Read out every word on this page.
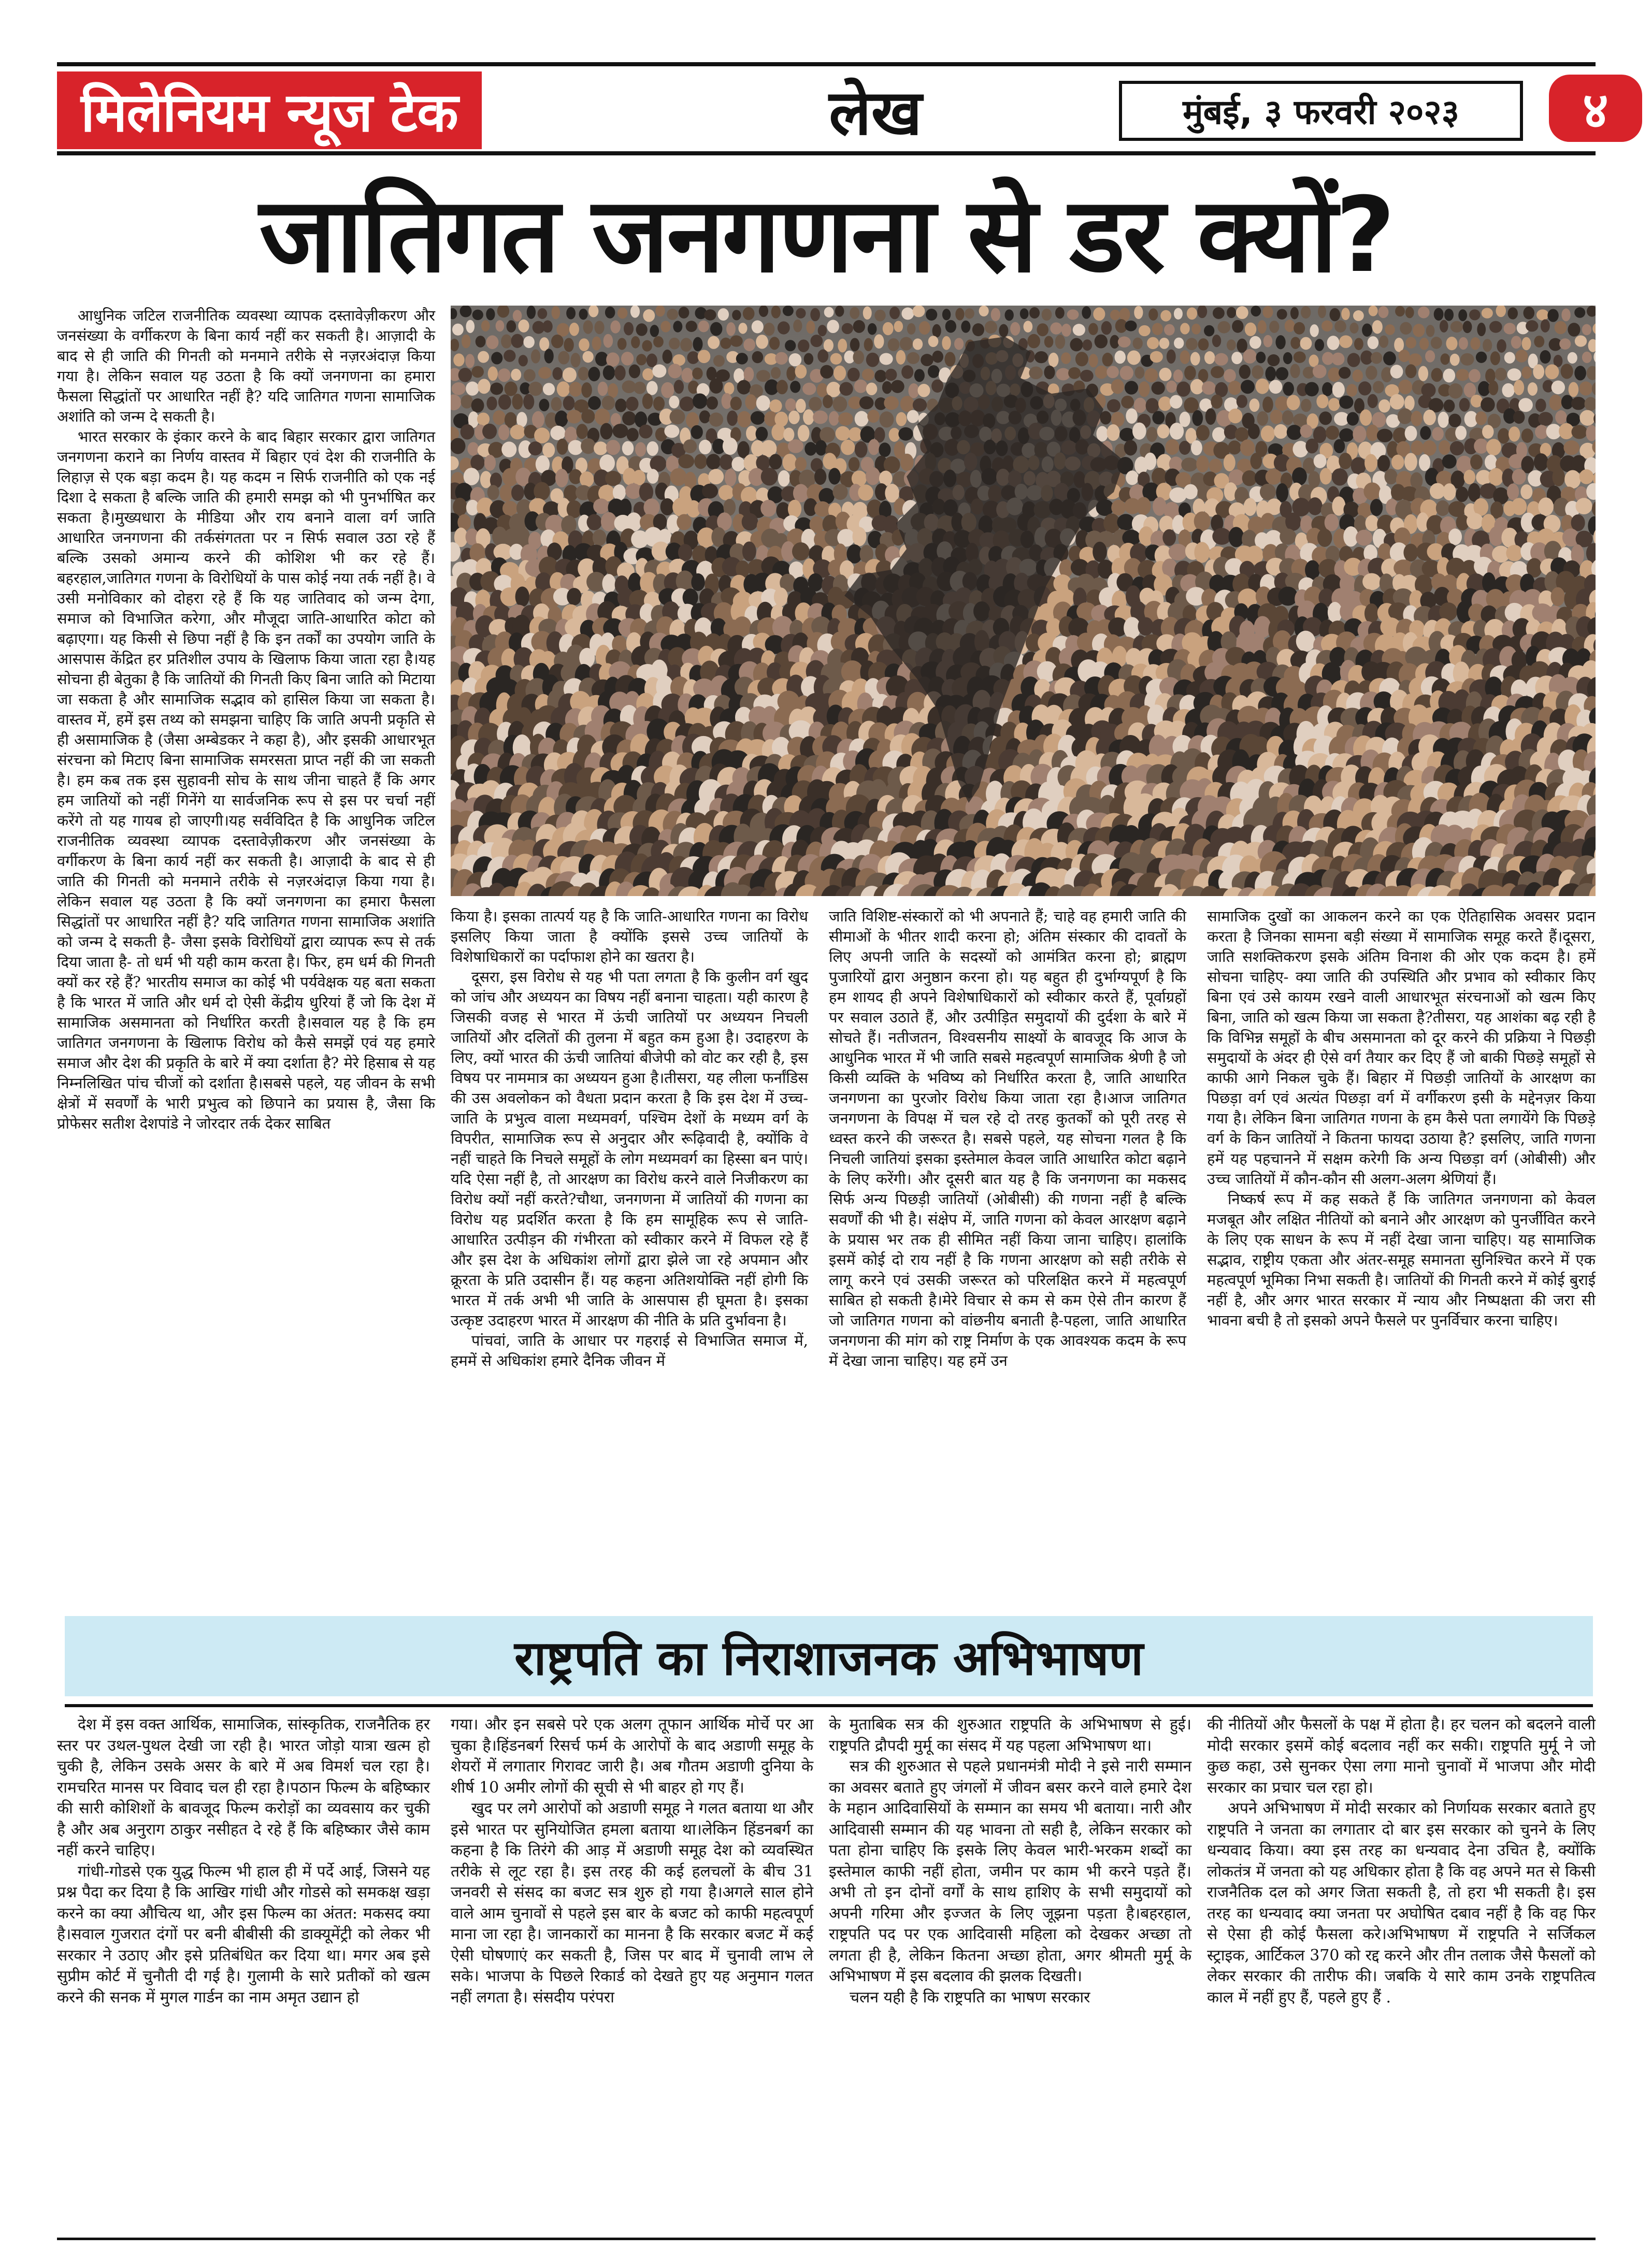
मिलेनियम न्यूज टेक	लेख	मुंबई, ३ फरवरी २०२३	४
जातिगत जनगणना से डर क्यों?

आधुनिक जटिल राजनीतिक व्यवस्था व्यापक दस्तावेज़ीकरण और जनसंख्या के वर्गीकरण के बिना कार्य नहीं कर सकती है। आज़ादी के बाद से ही जाति की गिनती को मनमाने तरीके से नज़रअंदाज़ किया गया है। लेकिन सवाल यह उठता है कि क्यों जनगणना का हमारा फैसला सिद्धांतों पर आधारित नहीं है? यदि जातिगत गणना सामाजिक अशांति को जन्म दे सकती है।

भारत सरकार के इंकार करने के बाद बिहार सरकार द्वारा जातिगत जनगणना कराने का निर्णय वास्तव में बिहार एवं देश की राजनीति के लिहाज़ से एक बड़ा कदम है। यह कदम न सिर्फ राजनीति को एक नई दिशा दे सकता है बल्कि जाति की हमारी समझ को भी पुनर्भाषित कर सकता है।मुख्यधारा के मीडिया और राय बनाने वाला वर्ग जाति आधारित जनगणना की तर्कसंगतता पर न सिर्फ सवाल उठा रहे हैं बल्कि उसको अमान्य करने की कोशिश भी कर रहे हैं। बहरहाल,जातिगत गणना के विरोधियों के पास कोई नया तर्क नहीं है। वे उसी मनोविकार को दोहरा रहे हैं कि यह जातिवाद को जन्म देगा, समाज को विभाजित करेगा, और मौजूदा जाति-आधारित कोटा को बढ़ाएगा। यह किसी से छिपा नहीं है कि इन तर्कों का उपयोग जाति के आसपास केंद्रित हर प्रतिशील उपाय के खिलाफ किया जाता रहा है।यह सोचना ही बेतुका है कि जातियों की गिनती किए बिना जाति को मिटाया जा सकता है और सामाजिक सद्भाव को हासिल किया जा सकता है। वास्तव में, हमें इस तथ्य को समझना चाहिए कि जाति अपनी प्रकृति से ही असामाजिक है (जैसा अम्बेडकर ने कहा है), और इसकी आधारभूत संरचना को मिटाए बिना सामाजिक समरसता प्राप्त नहीं की जा सकती है। हम कब तक इस सुहावनी सोच के साथ जीना चाहते हैं कि अगर हम जातियों को नहीं गिनेंगे या सार्वजनिक रूप से इस पर चर्चा नहीं करेंगे तो यह गायब हो जाएगी।यह सर्वविदित है कि आधुनिक जटिल राजनीतिक व्यवस्था व्यापक दस्तावेज़ीकरण और जनसंख्या के वर्गीकरण के बिना कार्य नहीं कर सकती है। आज़ादी के बाद से ही जाति की गिनती को मनमाने तरीके से नज़रअंदाज़ किया गया है। लेकिन सवाल यह उठता है कि क्यों जनगणना का हमारा फैसला सिद्धांतों पर आधारित नहीं है? यदि जातिगत गणना सामाजिक अशांति को जन्म दे सकती है- जैसा इसके विरोधियों द्वारा व्यापक रूप से तर्क दिया जाता है- तो धर्म भी यही काम करता है। फिर, हम धर्म की गिनती क्यों कर रहे हैं? भारतीय समाज का कोई भी पर्यवेक्षक यह बता सकता है कि भारत में जाति और धर्म दो ऐसी केंद्रीय धुरियां हैं जो कि देश में सामाजिक असमानता को निर्धारित करती है।सवाल यह है कि हम जातिगत जनगणना के खिलाफ विरोध को कैसे समझें एवं यह हमारे समाज और देश की प्रकृति के बारे में क्या दर्शाता है? मेरे हिसाब से यह निम्नलिखित पांच चीजों को दर्शाता है।सबसे पहले, यह जीवन के सभी क्षेत्रों में सवर्णों के भारी प्रभुत्व को छिपाने का प्रयास है, जैसा कि प्रोफेसर सतीश देशपांडे ने जोरदार तर्क देकर साबित

किया है। इसका तात्पर्य यह है कि जाति-आधारित गणना का विरोध इसलिए किया जाता है क्योंकि इससे उच्च जातियों के विशेषाधिकारों का पर्दाफाश होने का खतरा है।

दूसरा, इस विरोध से यह भी पता लगता है कि कुलीन वर्ग खुद को जांच और अध्ययन का विषय नहीं बनाना चाहता। यही कारण है जिसकी वजह से भारत में ऊंची जातियों पर अध्ययन निचली जातियों और दलितों की तुलना में बहुत कम हुआ है। उदाहरण के लिए, क्यों भारत की ऊंची जातियां बीजेपी को वोट कर रही है, इस विषय पर नाममात्र का अध्ययन हुआ है।तीसरा, यह लीला फर्नांडिस की उस अवलोकन को वैधता प्रदान करता है कि इस देश में उच्च-जाति के प्रभुत्व वाला मध्यमवर्ग, पश्चिम देशों के मध्यम वर्ग के विपरीत, सामाजिक रूप से अनुदार और रूढ़िवादी है, क्योंकि वे नहीं चाहते कि निचले समूहों के लोग मध्यमवर्ग का हिस्सा बन पाएं। यदि ऐसा नहीं है, तो आरक्षण का विरोध करने वाले निजीकरण का विरोध क्यों नहीं करते?चौथा, जनगणना में जातियों की गणना का विरोध यह प्रदर्शित करता है कि हम सामूहिक रूप से जाति-आधारित उत्पीड़न की गंभीरता को स्वीकार करने में विफल रहे हैं और इस देश के अधिकांश लोगों द्वारा झेले जा रहे अपमान और क्रूरता के प्रति उदासीन हैं। यह कहना अतिशयोक्ति नहीं होगी कि भारत में तर्क अभी भी जाति के आसपास ही घूमता है। इसका उत्कृष्ट उदाहरण भारत में आरक्षण की नीति के प्रति दुर्भावना है।

पांचवां, जाति के आधार पर गहराई से विभाजित समाज में, हममें से अधिकांश हमारे दैनिक जीवन में

जाति विशिष्ट-संस्कारों को भी अपनाते हैं; चाहे वह हमारी जाति की सीमाओं के भीतर शादी करना हो; अंतिम संस्कार की दावतों के लिए अपनी जाति के सदस्यों को आमंत्रित करना हो; ब्राह्मण पुजारियों द्वारा अनुष्ठान करना हो। यह बहुत ही दुर्भाग्यपूर्ण है कि हम शायद ही अपने विशेषाधिकारों को स्वीकार करते हैं, पूर्वाग्रहों पर सवाल उठाते हैं, और उत्पीड़ित समुदायों की दुर्दशा के बारे में सोचते हैं। नतीजतन, विश्वसनीय साक्ष्यों के बावजूद कि आज के आधुनिक भारत में भी जाति सबसे महत्वपूर्ण सामाजिक श्रेणी है जो किसी व्यक्ति के भविष्य को निर्धारित करता है, जाति आधारित जनगणना का पुरजोर विरोध किया जाता रहा है।आज जातिगत जनगणना के विपक्ष में चल रहे दो तरह कुतर्कों को पूरी तरह से ध्वस्त करने की जरूरत है। सबसे पहले, यह सोचना गलत है कि निचली जातियां इसका इस्तेमाल केवल जाति आधारित कोटा बढ़ाने के लिए करेंगी। और दूसरी बात यह है कि जनगणना का मकसद सिर्फ अन्य पिछड़ी जातियों (ओबीसी) की गणना नहीं है बल्कि सवर्णों की भी है। संक्षेप में, जाति गणना को केवल आरक्षण बढ़ाने के प्रयास भर तक ही सीमित नहीं किया जाना चाहिए। हालांकि इसमें कोई दो राय नहीं है कि गणना आरक्षण को सही तरीके से लागू करने एवं उसकी जरूरत को परिलक्षित करने में महत्वपूर्ण साबित हो सकती है।मेरे विचार से कम से कम ऐसे तीन कारण हैं जो जातिगत गणना को वांछनीय बनाती है-पहला, जाति आधारित जनगणना की मांग को राष्ट्र निर्माण के एक आवश्यक कदम के रूप में देखा जाना चाहिए। यह हमें उन

सामाजिक दुखों का आकलन करने का एक ऐतिहासिक अवसर प्रदान करता है जिनका सामना बड़ी संख्या में सामाजिक समूह करते हैं।दूसरा, जाति सशक्तिकरण इसके अंतिम विनाश की ओर एक कदम है। हमें सोचना चाहिए- क्या जाति की उपस्थिति और प्रभाव को स्वीकार किए बिना एवं उसे कायम रखने वाली आधारभूत संरचनाओं को खत्म किए बिना, जाति को खत्म किया जा सकता है?तीसरा, यह आशंका बढ़ रही है कि विभिन्न समूहों के बीच असमानता को दूर करने की प्रक्रिया ने पिछड़ी समुदायों के अंदर ही ऐसे वर्ग तैयार कर दिए हैं जो बाकी पिछड़े समूहों से काफी आगे निकल चुके हैं। बिहार में पिछड़ी जातियों के आरक्षण का पिछड़ा वर्ग एवं अत्यंत पिछड़ा वर्ग में वर्गीकरण इसी के मद्देनज़र किया गया है। लेकिन बिना जातिगत गणना के हम कैसे पता लगायेंगे कि पिछड़े वर्ग के किन जातियों ने कितना फायदा उठाया है? इसलिए, जाति गणना हमें यह पहचानने में सक्षम करेगी कि अन्य पिछड़ा वर्ग (ओबीसी) और उच्च जातियों में कौन-कौन सी अलग-अलग श्रेणियां हैं।

निष्कर्ष रूप में कह सकते हैं कि जातिगत जनगणना को केवल मजबूत और लक्षित नीतियों को बनाने और आरक्षण को पुनर्जीवित करने के लिए एक साधन के रूप में नहीं देखा जाना चाहिए। यह सामाजिक सद्भाव, राष्ट्रीय एकता और अंतर-समूह समानता सुनिश्चित करने में एक महत्वपूर्ण भूमिका निभा सकती है। जातियों की गिनती करने में कोई बुराई नहीं है, और अगर भारत सरकार में न्याय और निष्पक्षता की जरा सी भावना बची है तो इसको अपने फैसले पर पुनर्विचार करना चाहिए।

राष्ट्रपति का निराशाजनक अभिभाषण

देश में इस वक्त आर्थिक, सामाजिक, सांस्कृतिक, राजनैतिक हर स्तर पर उथल-पुथल देखी जा रही है। भारत जोड़ो यात्रा खत्म हो चुकी है, लेकिन उसके असर के बारे में अब विमर्श चल रहा है। रामचरित मानस पर विवाद चल ही रहा है।पठान फिल्म के बहिष्कार की सारी कोशिशों के बावजूद फिल्म करोड़ों का व्यवसाय कर चुकी है और अब अनुराग ठाकुर नसीहत दे रहे हैं कि बहिष्कार जैसे काम नहीं करने चाहिए।

गांधी-गोडसे एक युद्ध फिल्म भी हाल ही में पर्दे आई, जिसने यह प्रश्न पैदा कर दिया है कि आखिर गांधी और गोडसे को समकक्ष खड़ा करने का क्या औचित्य था, और इस फिल्म का अंतत: मकसद क्या है।सवाल गुजरात दंगों पर बनी बीबीसी की डाक्यूमेंट्री को लेकर भी सरकार ने उठाए और इसे प्रतिबंधित कर दिया था। मगर अब इसे सुप्रीम कोर्ट में चुनौती दी गई है। गुलामी के सारे प्रतीकों को खत्म करने की सनक में मुगल गार्डन का नाम अमृत उद्यान हो

गया। और इन सबसे परे एक अलग तूफान आर्थिक मोर्चे पर आ चुका है।हिंडनबर्ग रिसर्च फर्म के आरोपों के बाद अडाणी समूह के शेयरों में लगातार गिरावट जारी है। अब गौतम अडाणी दुनिया के शीर्ष 10 अमीर लोगों की सूची से भी बाहर हो गए हैं।

खुद पर लगे आरोपों को अडाणी समूह ने गलत बताया था और इसे भारत पर सुनियोजित हमला बताया था।लेकिन हिंडनबर्ग का कहना है कि तिरंगे की आड़ में अडाणी समूह देश को व्यवस्थित तरीके से लूट रहा है। इस तरह की कई हलचलों के बीच 31 जनवरी से संसद का बजट सत्र शुरु हो गया है।अगले साल होने वाले आम चुनावों से पहले इस बार के बजट को काफी महत्वपूर्ण माना जा रहा है। जानकारों का मानना है कि सरकार बजट में कई ऐसी घोषणाएं कर सकती है, जिस पर बाद में चुनावी लाभ ले सके। भाजपा के पिछले रिकार्ड को देखते हुए यह अनुमान गलत नहीं लगता है। संसदीय परंपरा

के मुताबिक सत्र की शुरुआत राष्ट्रपति के अभिभाषण से हुई। राष्ट्रपति द्रौपदी मुर्मू का संसद में यह पहला अभिभाषण था।

सत्र की शुरुआत से पहले प्रधानमंत्री मोदी ने इसे नारी सम्मान का अवसर बताते हुए जंगलों में जीवन बसर करने वाले हमारे देश के महान आदिवासियों के सम्मान का समय भी बताया। नारी और आदिवासी सम्मान की यह भावना तो सही है, लेकिन सरकार को पता होना चाहिए कि इसके लिए केवल भारी-भरकम शब्दों का इस्तेमाल काफी नहीं होता, जमीन पर काम भी करने पड़ते हैं। अभी तो इन दोनों वर्गों के साथ हाशिए के सभी समुदायों को अपनी गरिमा और इज्जत के लिए जूझना पड़ता है।बहरहाल, राष्ट्रपति पद पर एक आदिवासी महिला को देखकर अच्छा तो लगता ही है, लेकिन कितना अच्छा होता, अगर श्रीमती मुर्मू के अभिभाषण में इस बदलाव की झलक दिखती।

चलन यही है कि राष्ट्रपति का भाषण सरकार

की नीतियों और फैसलों के पक्ष में होता है। हर चलन को बदलने वाली मोदी सरकार इसमें कोई बदलाव नहीं कर सकी। राष्ट्रपति मुर्मू ने जो कुछ कहा, उसे सुनकर ऐसा लगा मानो चुनावों में भाजपा और मोदी सरकार का प्रचार चल रहा हो।

अपने अभिभाषण में मोदी सरकार को निर्णायक सरकार बताते हुए राष्ट्रपति ने जनता का लगातार दो बार इस सरकार को चुनने के लिए धन्यवाद किया। क्या इस तरह का धन्यवाद देना उचित है, क्योंकि लोकतंत्र में जनता को यह अधिकार होता है कि वह अपने मत से किसी राजनैतिक दल को अगर जिता सकती है, तो हरा भी सकती है। इस तरह का धन्यवाद क्या जनता पर अघोषित दबाव नहीं है कि वह फिर से ऐसा ही कोई फैसला करे।अभिभाषण में राष्ट्रपति ने सर्जिकल स्ट्राइक, आर्टिकल 370 को रद्द करने और तीन तलाक जैसे फैसलों को लेकर सरकार की तारीफ की। जबकि ये सारे काम उनके राष्ट्रपतित्व काल में नहीं हुए हैं, पहले हुए हैं .
